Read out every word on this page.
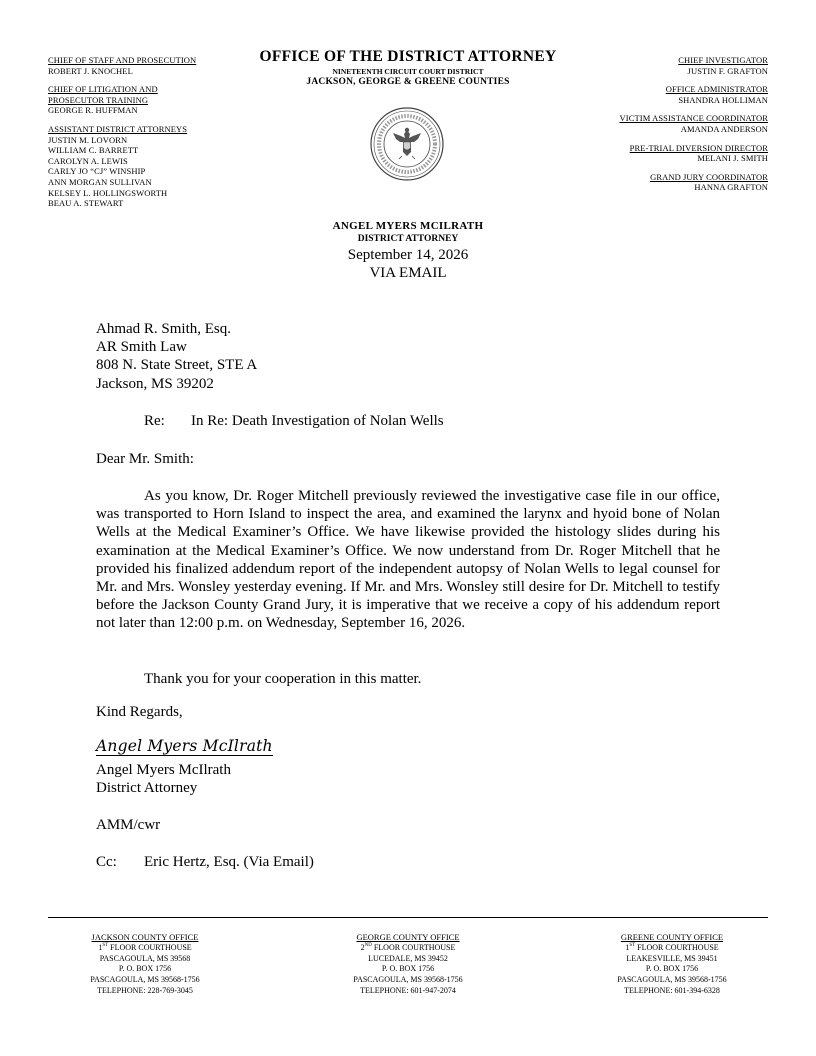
CHIEF OF STAFF AND PROSECUTION
ROBERT J. KNOCHEL
CHIEF OF LITIGATION AND
PROSECUTOR TRAINING
GEORGE R. HUFFMAN
ASSISTANT DISTRICT ATTORNEYS
JUSTIN M. LOVORN
WILLIAM C. BARRETT
CAROLYN A. LEWIS
CARLY JO “CJ” WINSHIP
ANN MORGAN SULLIVAN
KELSEY L. HOLLINGSWORTH
BEAU A. STEWART
CHIEF INVESTIGATOR
JUSTIN F. GRAFTON
OFFICE ADMINISTRATOR
SHANDRA HOLLIMAN
VICTIM ASSISTANCE COORDINATOR
AMANDA ANDERSON
PRE-TRIAL DIVERSION DIRECTOR
MELANI J. SMITH
GRAND JURY COORDINATOR
HANNA GRAFTON
OFFICE OF THE DISTRICT ATTORNEY
NINETEENTH CIRCUIT COURT DISTRICT
JACKSON, GEORGE & GREENE COUNTIES
ANGEL MYERS MCILRATH
DISTRICT ATTORNEY
September 14, 2026
VIA EMAIL
Ahmad R. Smith, Esq.
AR Smith Law
808 N. State Street, STE A
Jackson, MS 39202
Re: In Re: Death Investigation of Nolan Wells
Dear Mr. Smith:
As you know, Dr. Roger Mitchell previously reviewed the investigative case file in our office, was transported to Horn Island to inspect the area, and examined the larynx and hyoid bone of Nolan Wells at the Medical Examiner’s Office. We have likewise provided the histology slides during his examination at the Medical Examiner’s Office. We now understand from Dr. Roger Mitchell that he provided his finalized addendum report of the independent autopsy of Nolan Wells to legal counsel for Mr. and Mrs. Wonsley yesterday evening. If Mr. and Mrs. Wonsley still desire for Dr. Mitchell to testify before the Jackson County Grand Jury, it is imperative that we receive a copy of his addendum report not later than 12:00 p.m. on Wednesday, September 16, 2026.
Thank you for your cooperation in this matter.
Kind Regards,
Angel Myers McIlrath
Angel Myers McIlrath
District Attorney
AMM/cwr
Cc: Eric Hertz, Esq. (Via Email)
JACKSON COUNTY OFFICE
1ST FLOOR COURTHOUSE
PASCAGOULA, MS 39568
P. O. BOX 1756
PASCAGOULA, MS 39568-1756
TELEPHONE: 228-769-3045
GEORGE COUNTY OFFICE
2ND FLOOR COURTHOUSE
LUCEDALE, MS 39452
P. O. BOX 1756
PASCAGOULA, MS 39568-1756
TELEPHONE: 601-947-2074
GREENE COUNTY OFFICE
1ST FLOOR COURTHOUSE
LEAKESVILLE, MS 39451
P. O. BOX 1756
PASCAGOULA, MS 39568-1756
TELEPHONE: 601-394-6328
